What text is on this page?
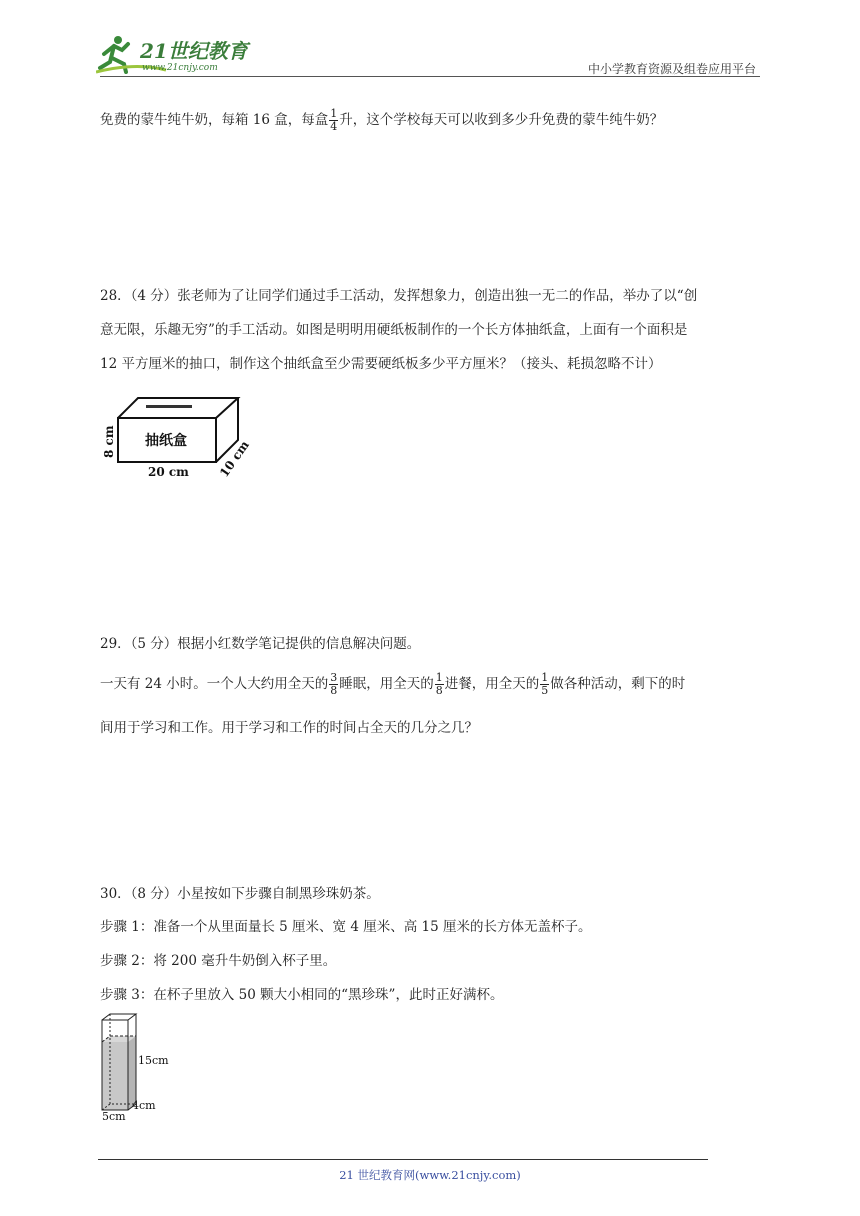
21世纪教育
www.21cnjy.com	中小学教育资源及组卷应用平台
免费的蒙牛纯牛奶，每箱 16 盒，每盒 $\frac{1}{4}$ 升，这个学校每天可以收到多少升免费的蒙牛纯牛奶？
28．（4 分）张老师为了让同学们通过手工活动，发挥想象力，创造出独一无二的作品，举办了以“创
意无限，乐趣无穷”的手工活动。如图是明明用硬纸板制作的一个长方体抽纸盒，上面有一个面积是
12 平方厘米的抽口，制作这个抽纸盒至少需要硬纸板多少平方厘米？（接头、耗损忽略不计）
抽纸盒
8 cm
20 cm 10 cm
29．（5 分）根据小红数学笔记提供的信息解决问题。
一天有 24 小时。一个人大约用全天的 $\frac{3}{8}$ 睡眠，用全天的 $\frac{1}{8}$ 进餐，用全天的 $\frac{1}{5}$ 做各种活动，剩下的时
间用于学习和工作。用于学习和工作的时间占全天的几分之几？
30．（8 分）小星按如下步骤自制黑珍珠奶茶。
步骤 1：准备一个从里面量长 5 厘米、宽 4 厘米、高 15 厘米的长方体无盖杯子。
步骤 2：将 200 毫升牛奶倒入杯子里。
步骤 3：在杯子里放入 50 颗大小相同的“黑珍珠”，此时正好满杯。
15cm
4cm
5cm
21 世纪教育网(www.21cnjy.com)
